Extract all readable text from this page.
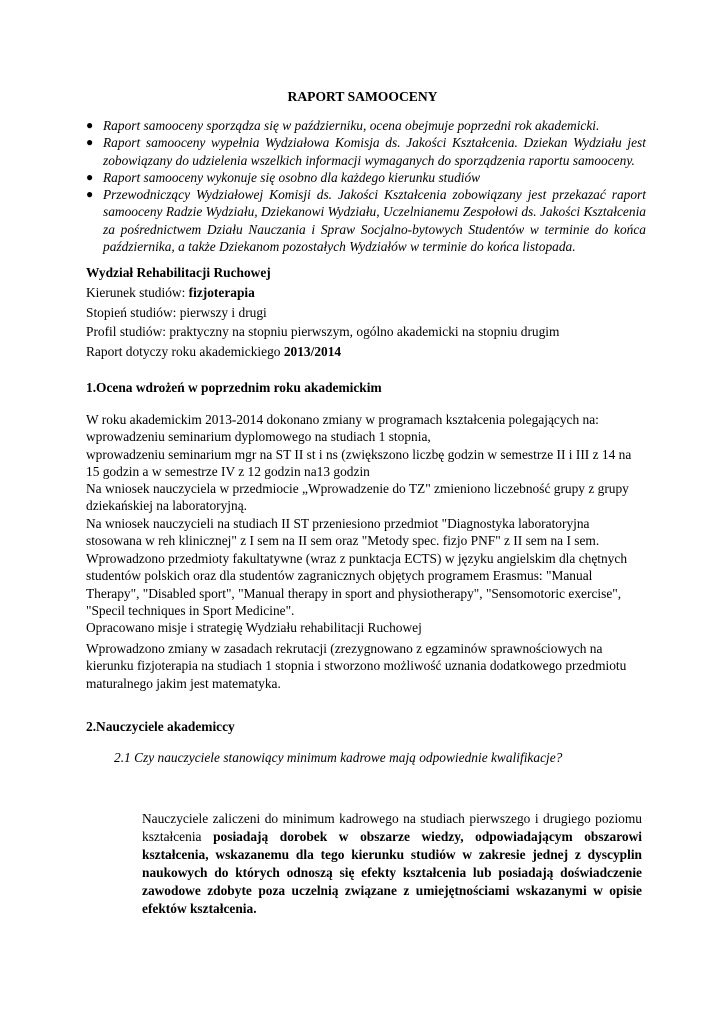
RAPORT SAMOOCENY
● Raport samooceny sporządza się w październiku, ocena obejmuje poprzedni rok akademicki.
● Raport samooceny wypełnia Wydziałowa Komisja ds. Jakości Kształcenia. Dziekan Wydziału jest zobowiązany do udzielenia wszelkich informacji wymaganych do sporządzenia raportu samooceny.
● Raport samooceny wykonuje się osobno dla każdego kierunku studiów
● Przewodniczący Wydziałowej Komisji ds. Jakości Kształcenia zobowiązany jest przekazać raport samooceny Radzie Wydziału, Dziekanowi Wydziału, Uczelnianemu Zespołowi ds. Jakości Kształcenia za pośrednictwem Działu Nauczania i Spraw Socjalno-bytowych Studentów w terminie do końca października, a także Dziekanom pozostałych Wydziałów w terminie do końca listopada.
Wydział Rehabilitacji Ruchowej
Kierunek studiów: fizjoterapia
Stopień studiów: pierwszy i drugi
Profil studiów: praktyczny na stopniu pierwszym, ogólno akademicki na stopniu drugim
Raport dotyczy roku akademickiego 2013/2014
1.Ocena wdrożeń w poprzednim roku akademickim
W roku akademickim 2013-2014 dokonano zmiany w programach kształcenia polegających na:
wprowadzeniu seminarium dyplomowego na studiach 1 stopnia,
wprowadzeniu seminarium mgr na ST II st i ns (zwiększono liczbę godzin w semestrze II i III z 14 na
15 godzin a w semestrze IV z 12 godzin na13 godzin
Na wniosek nauczyciela w przedmiocie „Wprowadzenie do TZ" zmieniono liczebność grupy z grupy
dziekańskiej na laboratoryjną.
Na wniosek nauczycieli na studiach II ST przeniesiono przedmiot "Diagnostyka laboratoryjna
stosowana w reh klinicznej" z I sem na II sem oraz "Metody spec. fizjo PNF" z II sem na I sem.
Wprowadzono przedmioty fakultatywne (wraz z punktacja ECTS) w języku angielskim dla chętnych
studentów polskich oraz dla studentów zagranicznych objętych programem Erasmus: "Manual
Therapy", "Disabled sport", "Manual therapy in sport and physiotherapy", "Sensomotoric exercise",
"Specil techniques in Sport Medicine".
Opracowano misje i strategię Wydziału rehabilitacji Ruchowej
Wprowadzono zmiany w zasadach rekrutacji (zrezygnowano z egzaminów sprawnościowych na
kierunku fizjoterapia na studiach 1 stopnia i stworzono możliwość uznania dodatkowego przedmiotu
maturalnego jakim jest matematyka.
2.Nauczyciele akademiccy
2.1 Czy nauczyciele stanowiący minimum kadrowe mają odpowiednie kwalifikacje?
Nauczyciele zaliczeni do minimum kadrowego na studiach pierwszego i drugiego poziomu kształcenia posiadają dorobek w obszarze wiedzy, odpowiadającym obszarowi kształcenia, wskazanemu dla tego kierunku studiów w zakresie jednej z dyscyplin naukowych do których odnoszą się efekty kształcenia lub posiadają doświadczenie zawodowe zdobyte poza uczelnią związane z umiejętnościami wskazanymi w opisie efektów kształcenia.
